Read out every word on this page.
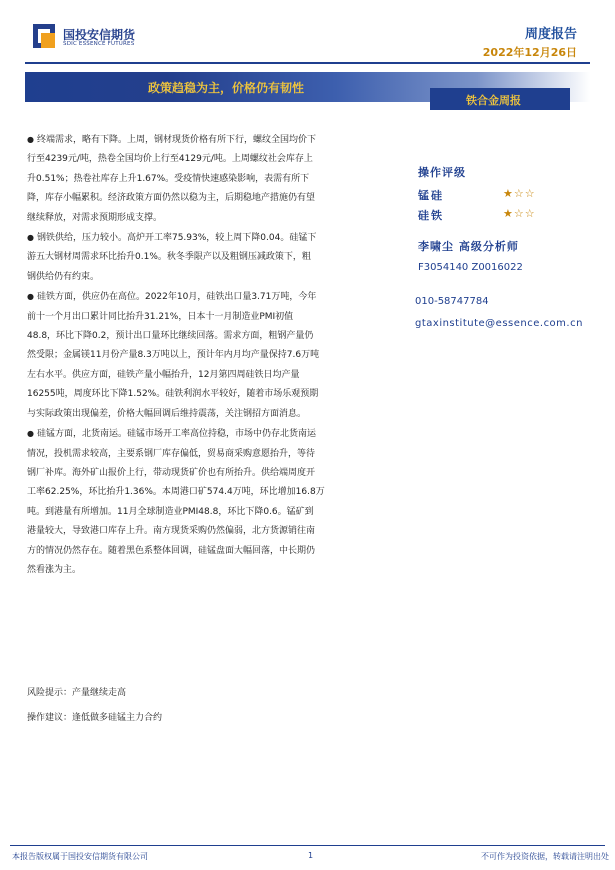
国投安信期货
SDIC ESSENCE FUTURES
周度报告
2022年12月26日
政策趋稳为主，价格仍有韧性
铁合金周报
● 终端需求，略有下降。上周，钢材现货价格有所下行，螺纹全国均价下
行至4239元/吨，热卷全国均价上行至4129元/吨。上周螺纹社会库存上
升0.51%；热卷社库存上升1.67%。受疫情快速感染影响，表需有所下
降，库存小幅累积。经济政策方面仍然以稳为主，后期稳地产措施仍有望
继续释放，对需求预期形成支撑。
● 钢铁供给，压力较小。高炉开工率75.93%，较上周下降0.04。硅锰下
游五大钢材周需求环比抬升0.1%。秋冬季限产以及粗钢压减政策下，粗
钢供给仍有约束。
● 硅铁方面，供应仍在高位。2022年10月，硅铁出口量3.71万吨，今年
前十一个月出口累计同比抬升31.21%，日本十一月制造业PMI初值
48.8，环比下降0.2，预计出口量环比继续回落。需求方面，粗钢产量仍
然受限；金属镁11月份产量8.3万吨以上，预计年内月均产量保持7.6万吨
左右水平。供应方面，硅铁产量小幅抬升，12月第四周硅铁日均产量
16255吨，周度环比下降1.52%。硅铁利润水平较好，随着市场乐观预期
与实际政策出现偏差，价格大幅回调后维持震荡，关注钢招方面消息。
● 硅锰方面，北货南运。硅锰市场开工率高位持稳，市场中仍存北货南运
情况，投机需求较高，主要系钢厂库存偏低，贸易商采购意愿抬升，等待
钢厂补库。海外矿山报价上行，带动现货矿价也有所抬升。供给端周度开
工率62.25%，环比抬升1.36%。本周港口矿574.4万吨，环比增加16.8万
吨。到港量有所增加。11月全球制造业PMI48.8，环比下降0.6。锰矿到
港量较大，导致港口库存上升。南方现货采购仍然偏弱，北方货源销往南
方的情况仍然存在。随着黑色系整体回调，硅锰盘面大幅回落，中长期仍
然看涨为主。
风险提示：产量继续走高
操作建议：逢低做多硅锰主力合约
操作评级
锰硅	★☆☆
硅铁	★☆☆
李啸尘 高级分析师
F3054140 Z0016022
010-58747784
gtaxinstitute@essence.com.cn
本报告版权属于国投安信期货有限公司	1	不可作为投资依据，转载请注明出处
